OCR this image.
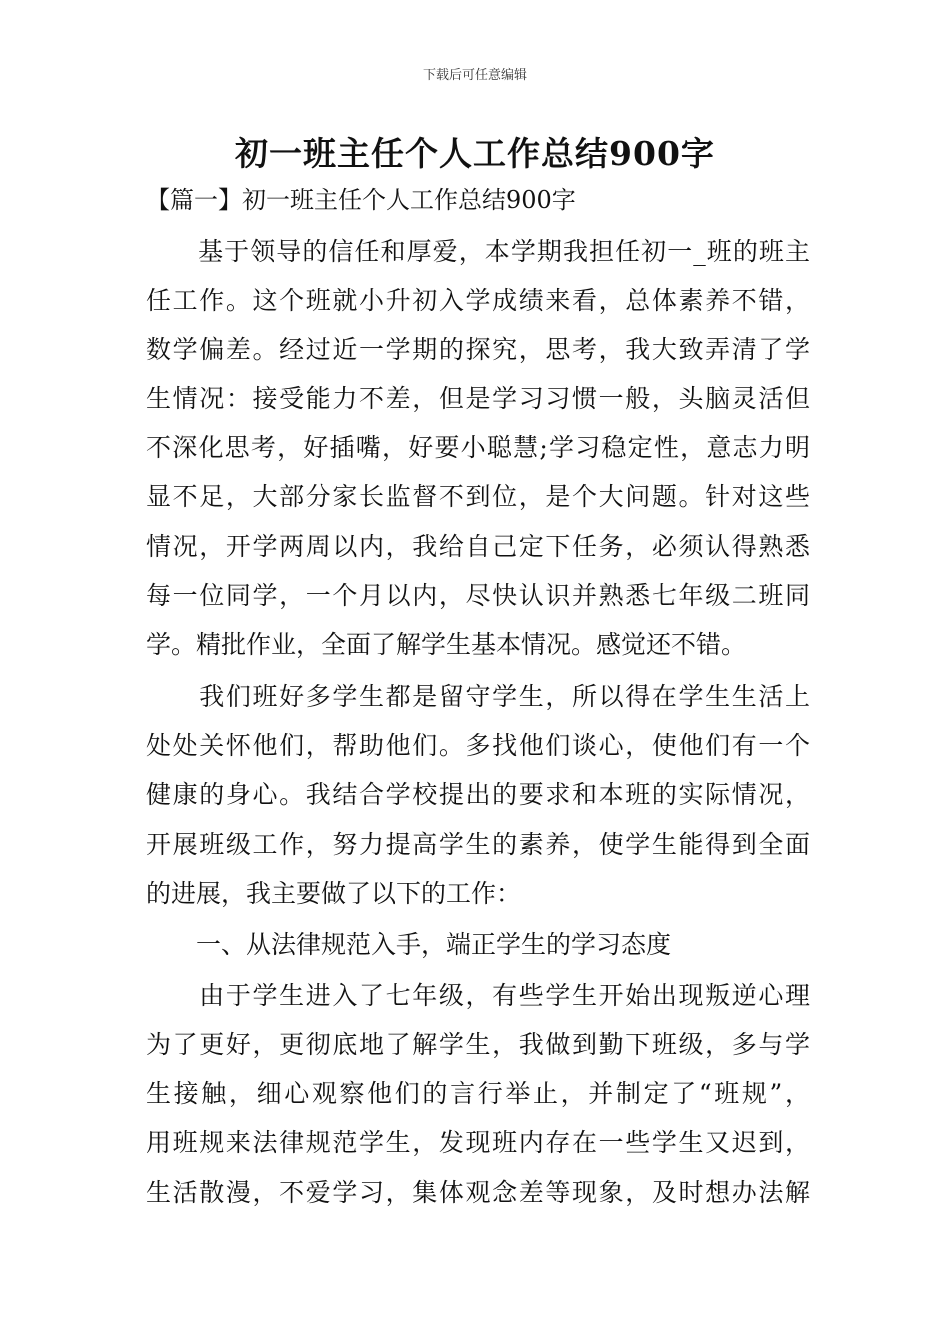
下载后可任意编辑
初一班主任个人工作总结900字
【篇一】初一班主任个人工作总结900字
　　基于领导的信任和厚爱，本学期我担任初一_班的班主
任工作。这个班就小升初入学成绩来看，总体素养不错，
数学偏差。经过近一学期的探究，思考，我大致弄清了学
生情况：接受能力不差，但是学习习惯一般，头脑灵活但
不深化思考，好插嘴，好要小聪慧;学习稳定性，意志力明
显不足，大部分家长监督不到位，是个大问题。针对这些
情况，开学两周以内，我给自己定下任务，必须认得熟悉
每一位同学，一个月以内，尽快认识并熟悉七年级二班同
学。精批作业，全面了解学生基本情况。感觉还不错。
　　我们班好多学生都是留守学生，所以得在学生生活上
处处关怀他们，帮助他们。多找他们谈心，使他们有一个
健康的身心。我结合学校提出的要求和本班的实际情况，
开展班级工作，努力提高学生的素养，使学生能得到全面
的进展，我主要做了以下的工作：
　　一、从法律规范入手，端正学生的学习态度
　　由于学生进入了七年级，有些学生开始出现叛逆心理
为了更好，更彻底地了解学生，我做到勤下班级，多与学
生接触，细心观察他们的言行举止，并制定了“班规”，
用班规来法律规范学生，发现班内存在一些学生又迟到，
生活散漫，不爱学习，集体观念差等现象，及时想办法解
